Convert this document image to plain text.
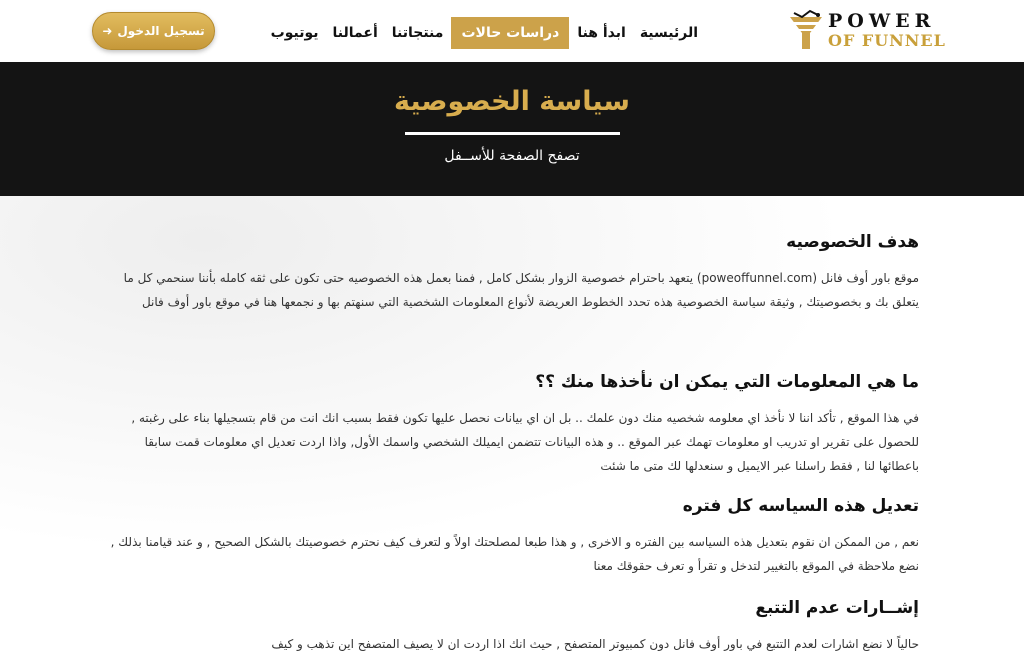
POWER
OF FUNNEL
الرئيسية
ابدأ هنا
دراسات حالات
منتجاتنا
أعمالنا
يوتيوب
تسجيل الدخول
➜
سياسة الخصوصية
تصفح الصفحة للأســفل
هدف الخصوصيه

موقع باور أوف فانل (poweoffunnel.com) يتعهد باحترام خصوصية الزوار بشكل كامل , فمنا بعمل هذه الخصوصيه حتى تكون على ثقه كامله بأننا سنحمي كل ما يتعلق بك و بخصوصيتك , وثيقة سياسة الخصوصية هذه تحدد الخطوط العريضة لأنواع المعلومات الشخصية التي سنهتم بها و نجمعها هنا في موقع باور أوف فانل

ما هي المعلومات التي يمكن ان نأخذها منك ؟؟

في هذا الموقع , تأكد اننا لا نأخذ اي معلومه شخصيه منك دون علمك .. بل ان اي بيانات نحصل عليها تكون فقط بسبب انك انت من قام بتسجيلها بناء على رغبته , للحصول على تقرير او تدريب او معلومات تهمك عبر الموقع .. و هذه البيانات تتضمن ايميلك الشخصي واسمك الأول, واذا اردت تعديل اي معلومات قمت سابقا باعطائها لنا , فقط راسلنا عبر الايميل و سنعدلها لك متى ما شئت

تعديل هذه السياسه كل فتره

نعم , من الممكن ان نقوم بتعديل هذه السياسه بين الفتره و الاخرى , و هذا طبعا لمصلحتك اولاً و لتعرف كيف نحترم خصوصيتك بالشكل الصحيح , و عند قيامنا بذلك , نضع ملاحظة في الموقع بالتغيير لتدخل و تقرأ و تعرف حقوقك معنا

إشــارات عدم التتبع

حالياً لا نضع اشارات لعدم التتبع في باور أوف فانل دون كمبيوتر المتصفح , حيث انك اذا اردت ان لا يصيف المتصفح اين تذهب و كيف
